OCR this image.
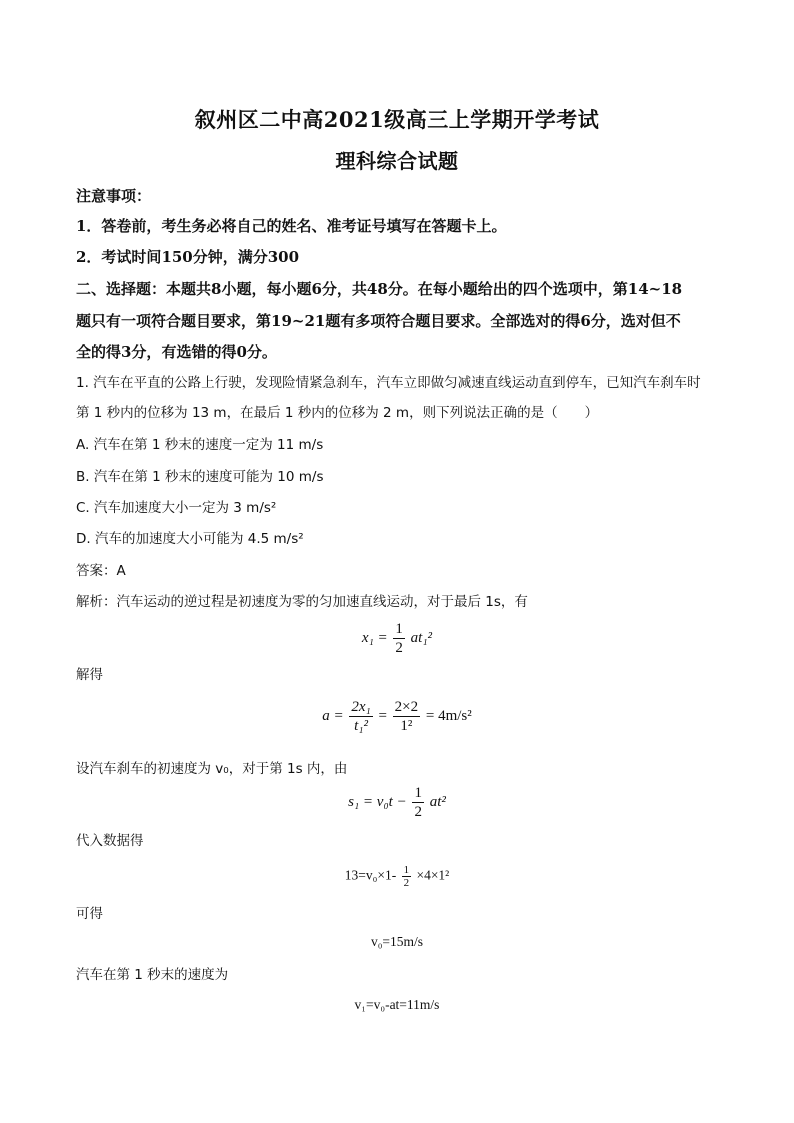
叙州区二中高2021级高三上学期开学考试
理科综合试题
注意事项：
1．答卷前，考生务必将自己的姓名、准考证号填写在答题卡上。
2．考试时间150分钟，满分300
二、选择题：本题共8小题，每小题6分，共48分。在每小题给出的四个选项中，第14~18
题只有一项符合题目要求，第19~21题有多项符合题目要求。全部选对的得6分，选对但不
全的得3分，有选错的得0分。
1. 汽车在平直的公路上行驶，发现险情紧急刹车，汽车立即做匀减速直线运动直到停车，已知汽车刹车时
第 1 秒内的位移为 13 m，在最后 1 秒内的位移为 2 m，则下列说法正确的是（　　）
A. 汽车在第 1 秒末的速度一定为 11 m/s
B. 汽车在第 1 秒末的速度可能为 10 m/s
C. 汽车加速度大小一定为 3 m/s²
D. 汽车的加速度大小可能为 4.5 m/s²
答案：A
解析：汽车运动的逆过程是初速度为零的匀加速直线运动，对于最后 1s，有
$x_1 = \frac{1}{2} at_1^2$
解得
$a = \frac{\text{2x₁}}{\text{t₁²}} = \frac{2\times 2}{\text{1²}} = 4m/s^2$
设汽车刹车的初速度为 v₀，对于第 1s 内，由
$s_1 = v_0t - \frac{1}{2} at^2$
代入数据得
$13=v_0\times 1- \frac{1}{2} \times 4\times 1^2$
可得
v₀=15m/s
汽车在第 1 秒末的速度为
v₁=v₀-at=11m/s
